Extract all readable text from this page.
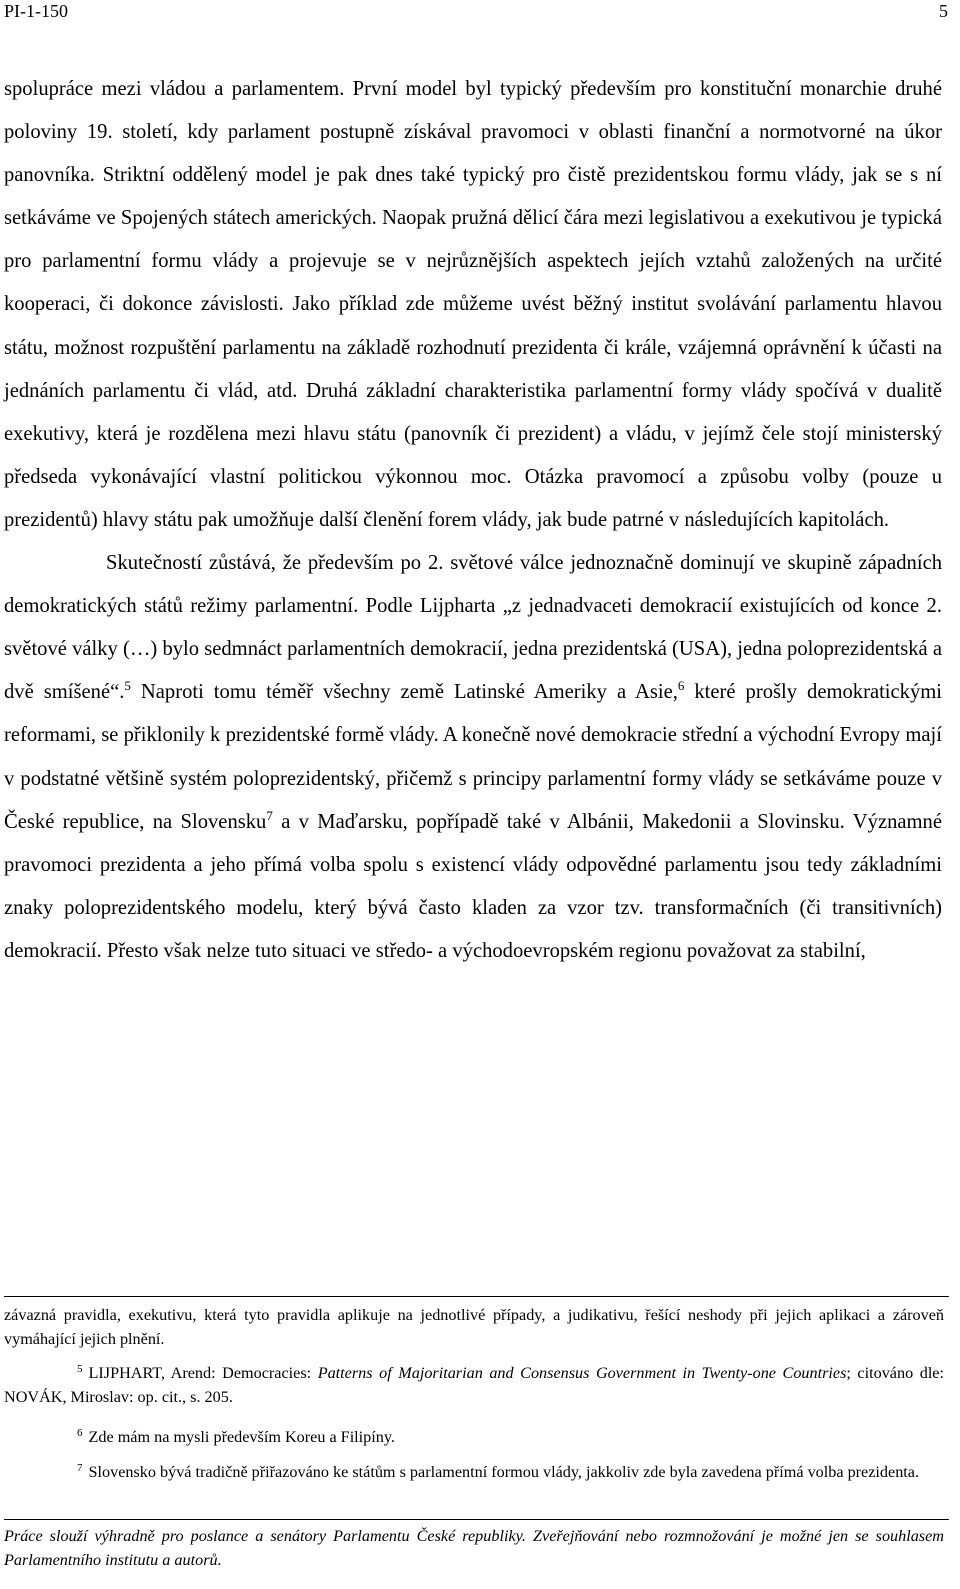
PI-1-150	5

spolupráce mezi vládou a parlamentem. První model byl typický především pro konstituční monarchie druhé poloviny 19. století, kdy parlament postupně získával pravomoci v oblasti finanční a normotvorné na úkor panovníka. Striktní oddělený model je pak dnes také typický pro čistě prezidentskou formu vlády, jak se s ní setkáváme ve Spojených státech amerických. Naopak pružná dělicí čára mezi legislativou a exekutivou je typická pro parlamentní formu vlády a projevuje se v nejrůznějších aspektech jejích vztahů založených na určité kooperaci, či dokonce závislosti. Jako příklad zde můžeme uvést běžný institut svolávání parlamentu hlavou státu, možnost rozpuštění parlamentu na základě rozhodnutí prezidenta či krále, vzájemná oprávnění k účasti na jednáních parlamentu či vlád, atd. Druhá základní charakteristika parlamentní formy vlády spočívá v dualitě exekutivy, která je rozdělena mezi hlavu státu (panovník či prezident) a vládu, v jejímž čele stojí ministerský předseda vykonávající vlastní politickou výkonnou moc. Otázka pravomocí a způsobu volby (pouze u prezidentů) hlavy státu pak umožňuje další členění forem vlády, jak bude patrné v následujících kapitolách.

Skutečností zůstává, že především po 2. světové válce jednoznačně dominují ve skupině západních demokratických států režimy parlamentní. Podle Lijpharta „z jednadvaceti demokracií existujících od konce 2. světové války (…) bylo sedmnáct parlamentních demokracií, jedna prezidentská (USA), jedna poloprezidentská a dvě smíšené“.$^5$ Naproti tomu téměř všechny země Latinské Ameriky a Asie,$^6$ které prošly demokratickými reformami, se přiklonily k prezidentské formě vlády. A konečně nové demokracie střední a východní Evropy mají v podstatné většině systém poloprezidentský, přičemž s principy parlamentní formy vlády se setkáváme pouze v České republice, na Slovensku$^7$ a v Maďarsku, popřípadě také v Albánii, Makedonii a Slovinsku. Významné pravomoci prezidenta a jeho přímá volba spolu s existencí vlády odpovědné parlamentu jsou tedy základními znaky poloprezidentského modelu, který bývá často kladen za vzor tzv. transformačních (či transitivních) demokracií. Přesto však nelze tuto situaci ve středo- a východoevropském regionu považovat za stabilní,

závazná pravidla, exekutivu, která tyto pravidla aplikuje na jednotlivé případy, a judikativu, řešící neshody při jejich aplikaci a zároveň vymáhající jejich plnění.
5 LIJPHART, Arend: Democracies: Patterns of Majoritarian and Consensus Government in Twenty-one Countries; citováno dle: NOVÁK, Miroslav: op. cit., s. 205.
6 Zde mám na mysli především Koreu a Filipíny.
7 Slovensko bývá tradičně přiřazováno ke státům s parlamentní formou vlády, jakkoliv zde byla zavedena přímá volba prezidenta.
Práce slouží výhradně pro poslance a senátory Parlamentu České republiky. Zveřejňování nebo rozmnožování je možné jen se souhlasem Parlamentního institutu a autorů.
